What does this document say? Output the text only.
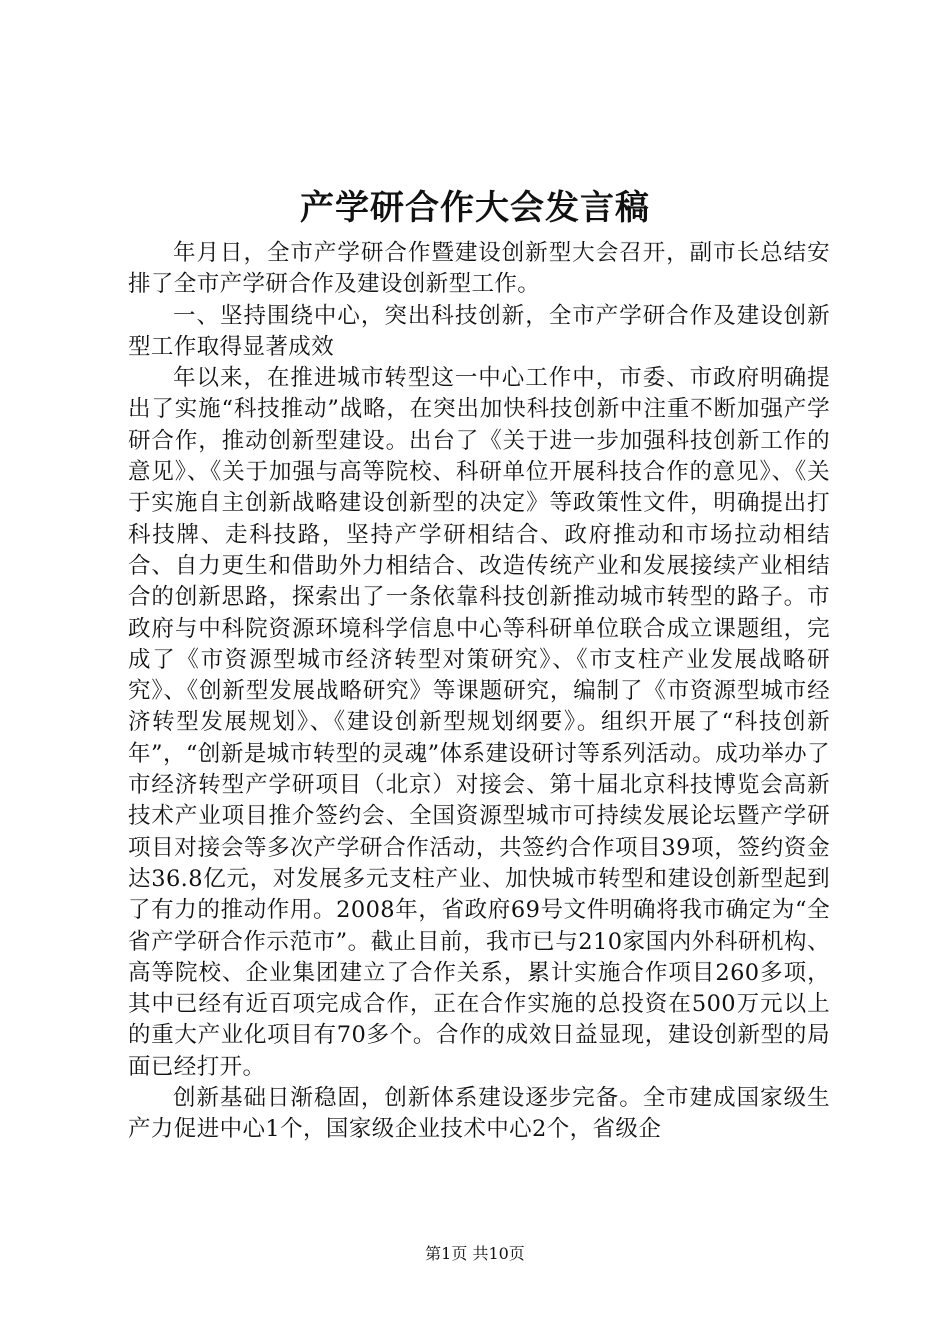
产学研合作大会发言稿

年月日，全市产学研合作暨建设创新型大会召开，副市长总结安排了全市产学研合作及建设创新型工作。

一、坚持围绕中心，突出科技创新，全市产学研合作及建设创新型工作取得显著成效

年以来，在推进城市转型这一中心工作中，市委、市政府明确提出了实施“科技推动”战略，在突出加快科技创新中注重不断加强产学研合作，推动创新型建设。出台了《关于进一步加强科技创新工作的意见》、《关于加强与高等院校、科研单位开展科技合作的意见》、《关于实施自主创新战略建设创新型的决定》等政策性文件，明确提出打科技牌、走科技路，坚持产学研相结合、政府推动和市场拉动相结合、自力更生和借助外力相结合、改造传统产业和发展接续产业相结合的创新思路，探索出了一条依靠科技创新推动城市转型的路子。市政府与中科院资源环境科学信息中心等科研单位联合成立课题组，完成了《市资源型城市经济转型对策研究》、《市支柱产业发展战略研究》、《创新型发展战略研究》等课题研究，编制了《市资源型城市经济转型发展规划》、《建设创新型规划纲要》。组织开展了“科技创新年”，“创新是城市转型的灵魂”体系建设研讨等系列活动。成功举办了市经济转型产学研项目（北京）对接会、第十届北京科技博览会高新技术产业项目推介签约会、全国资源型城市可持续发展论坛暨产学研项目对接会等多次产学研合作活动，共签约合作项目39项，签约资金达36.8亿元，对发展多元支柱产业、加快城市转型和建设创新型起到了有力的推动作用。2008年，省政府69号文件明确将我市确定为“全省产学研合作示范市”。截止目前，我市已与210家国内外科研机构、高等院校、企业集团建立了合作关系，累计实施合作项目260多项，其中已经有近百项完成合作，正在合作实施的总投资在500万元以上的重大产业化项目有70多个。合作的成效日益显现，建设创新型的局面已经打开。

创新基础日渐稳固，创新体系建设逐步完备。全市建成国家级生产力促进中心1个，国家级企业技术中心2个，省级企

第1页 共10页
